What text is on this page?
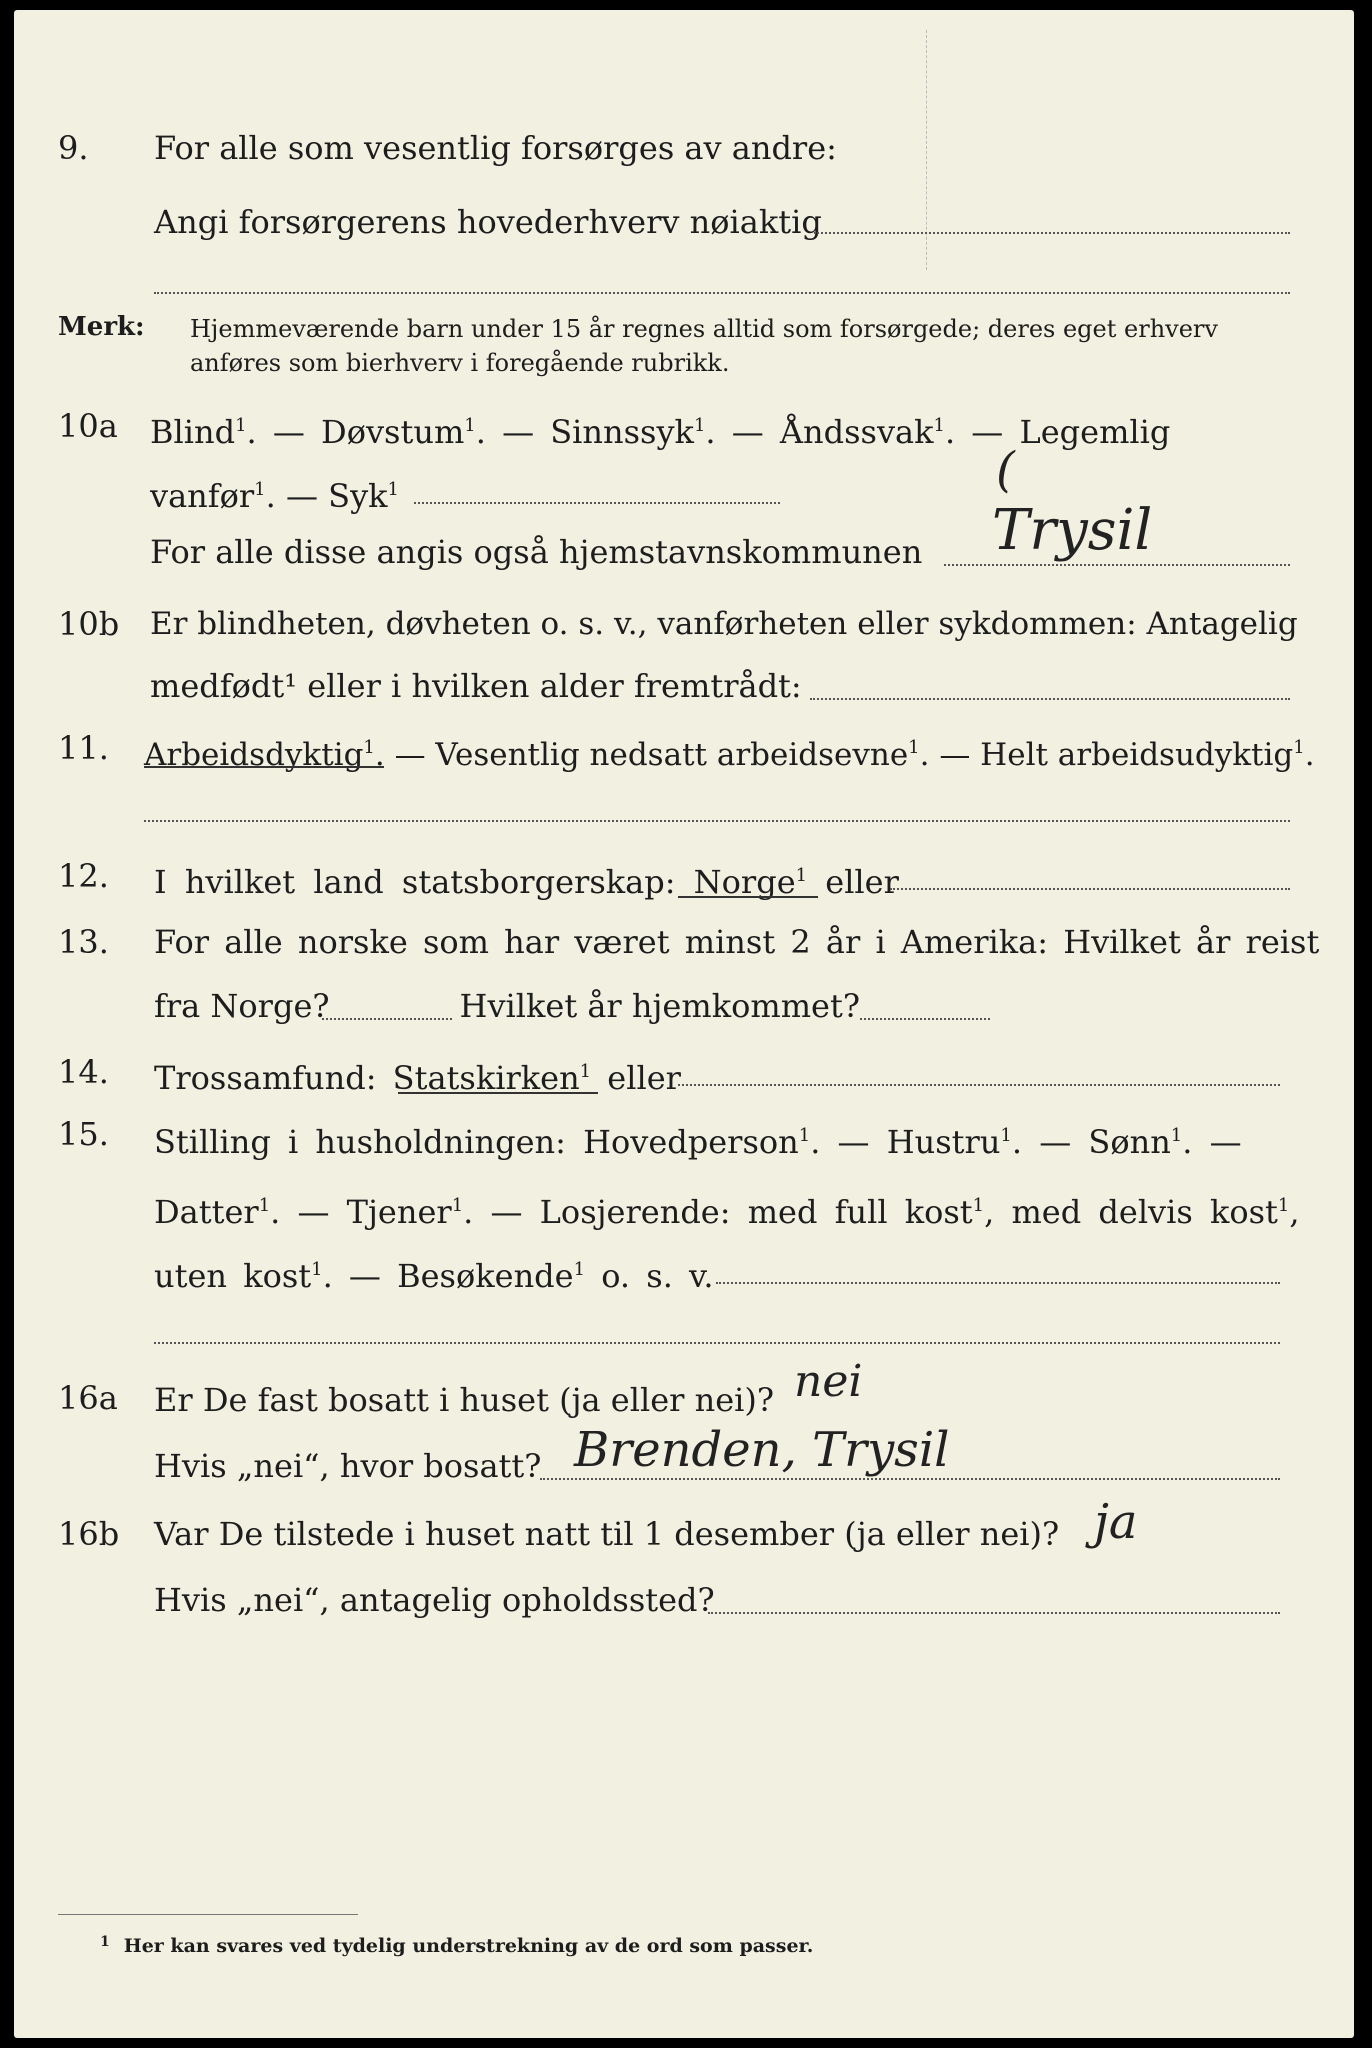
9. For alle som vesentlig forsørges av andre:
Angi forsørgerens hovederhverv nøiaktig
Merk: Hjemmeværende barn under 15 år regnes alltid som forsørgede; deres eget erhverv
anføres som bierhverv i foregående rubrikk.
10a Blind$^1$. — Døvstum$^1$. — Sinnssyk$^1$. — Åndssvak$^1$. — Legemlig
vanfør$^1$. — Syk$^1$	(
For alle disse angis også hjemstavnskommunen Trysil
10b Er blindheten, døvheten o. s. v., vanførheten eller sykdommen: Antagelig
medfødt¹ eller i hvilken alder fremtrådt:
11. Arbeidsdyktig$^1$. — Vesentlig nedsatt arbeidsevne$^1$. — Helt arbeidsudyktig$^1$.
12. I hvilket land statsborgerskap: Norge$^1$ eller
13. For alle norske som har været minst 2 år i Amerika: Hvilket år reist
fra Norge?	Hvilket år hjemkommet?
14. Trossamfund: Statskirken$^1$ eller
15. Stilling i husholdningen: Hovedperson$^1$. — Hustru$^1$. — Sønn$^1$. —
Datter$^1$. — Tjener$^1$. — Losjerende: med full kost$^1$, med delvis kost$^1$,
uten kost$^1$. — Besøkende$^1$ o. s. v.
16a Er De fast bosatt i huset (ja eller nei)? nei
Hvis „nei“, hvor bosatt? Brenden, Trysil
16b Var De tilstede i huset natt til 1 desember (ja eller nei)? ja
Hvis „nei“, antagelig opholdssted?
$^1$ Her kan svares ved tydelig understrekning av de ord som passer.
